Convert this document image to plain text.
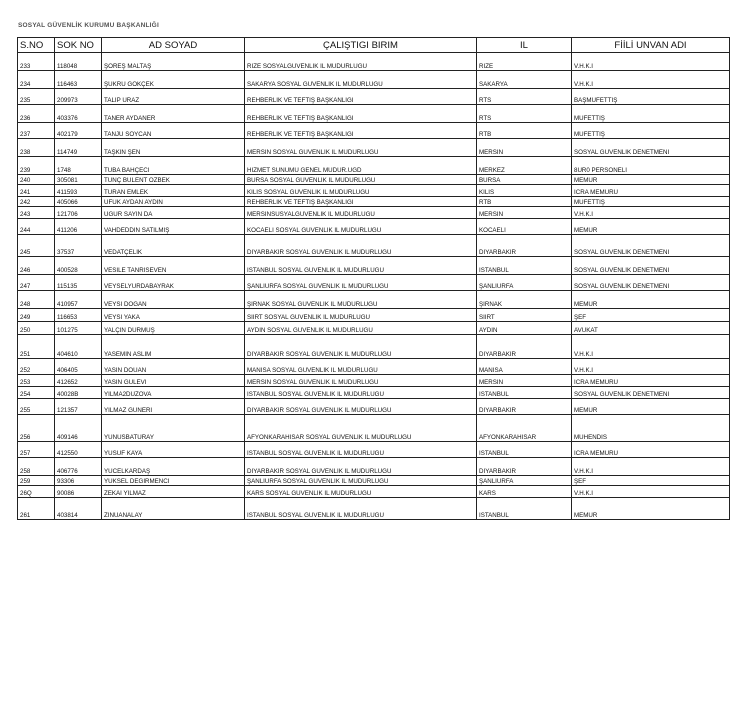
SOSYAL GÜVENLİK KURUMU BAŞKANLIĞI
S.NO	SOK NO	AD SOYAD	ÇALIŞTIGI BIRIM	IL	FİİLİ UNVAN ADI
233	118048	ŞOREŞ MALTAŞ	RIZE SOSYALGUVENLIK IL MUDURLUGU	RIZE	V.H.K.I
234	116463	ŞUKRU GOKÇEK	SAKARYA SOSYAL GUVENLIK IL MUDURLUGU	SAKARYA	V.H.K.I
235	209973	TALIP URAZ	REHBERLIK VE TEFTIŞ BAŞKANLIGI	RTS	BAŞMUFETTIŞ
236	403376	TANER AYDANER	REHBERLIK VE TEFTIŞ BAŞKANLIGI	RTS	MUFETTIŞ
237	402179	TANJU SOYCAN	REHBERLIK VE TEFTIŞ BAŞKANLIGI	RTB	MUFETTIŞ
238	114749	TAŞKIN ŞEN	MERSIN SOSYAL GUVENLIK IL MUDURLUGU	MERSIN	SOSYAL GUVENLIK DENETMENI
239	1748	TUBA BAHÇECI	HIZMET SUNUMU GENEL MUDUR.UGD	MERKEZ	8UR0 PERSONELI
240	305081	TUNÇ BULENT OZBEK	BURSA SOSYAL GUVENLIK IL MUDURLUGU	BURSA	MEMUR
241	411593	TURAN EMLEK	KILIS SOSYAL GUVENLIK IL MUDURLUGU	KILIS	ICRA MEMURU
242	405066	UFUK AYDAN AYDIN	REHBERLIK VE TEFTIŞ BAŞKANLIGI	RTB	MUFETTIŞ
243	121706	UGUR SAYIN DA	MERSINSUSYALGUVENLIK IL MUDURLUGU	MERSIN	V.H.K.I
244	411206	VAHDEDDIN SATILMIŞ	KOCAELI SOSYAL GUVENLIK IL MUDURLUGU	KOCAELI	MEMUR
245	37537	VEDATÇELIK	DIYARBAKIR SOSYAL GUVENLIK IL MUDURLUGU	DIYARBAKIR	SOSYAL GUVENLIK DENETMENI
246	400528	VESILE TANRISEVEN	ISTANBUL SOSYAL GUVENLIK IL MUDURLUGU	ISTANBUL	SOSYAL GUVENLIK DENETMENI
247	115135	VEYSELYURDABAYRAK	ŞANLIURFA SOSYAL GUVENLIK IL MUDURLUGU	ŞANLIURFA	SOSYAL GUVENLIK DENETMENI
248	410957	VEYSI DOGAN	ŞIRNAK SOSYAL GUVENLIK IL MUDURLUGU	ŞIRNAK	MEMUR
249	116653	VEYSI YAKA	SIIRT SOSYAL GUVENLIK IL MUDURLUGU	SIIRT	ŞEF
250	101275	YALÇIN DURMUŞ	AYDIN SOSYAL GUVENLIK IL MUDURLUGU	AYDIN	AVUKAT
251	404610	YASEMIN ASLIM	DIYARBAKIR SOSYAL GUVENLIK IL MUDURLUGU	DIYARBAKIR	V.H.K.I
252	406405	YASIN DOUAN	MANISA SOSYAL GUVENLIK IL MUDURLUGU	MANISA	V.H.K.I
253	412652	YASIN GULEVI	MERSIN SOSYAL GUVENLIK IL MUDURLUGU	MERSIN	ICRA MEMURU
254	40028B	YILMA2DUZOVA	ISTANBUL SOSYAL GUVENLIK IL MUDURLUGU	ISTANBUL	SOSYAL GUVENLIK DENETMENI
255	121357	YILMAZ GUNERI	DIYARBAKIR SOSYAL GUVENLIK IL MUDURLUGU	DIYARBAKIR	MEMUR
256	409146	YUNUSBATURAY	AFYONKARAHISAR SOSYAL GUVENLIK IL MUDURLUGU	AFYONKARAHISAR	MUHENDIS
257	412550	YUSUF KAYA	ISTANBUL SOSYAL GUVENLIK IL MUDURLUGU	ISTANBUL	ICRA MEMURU
258	406776	YUCELKARDAŞ	DIYARBAKIR SOSYAL GUVENLIK IL MUDURLUGU	DIYARBAKIR	V.H.K.I
259	93306	YUKSEL DEGIRMENCI	ŞANLIURFA SOSYAL GUVENLIK IL MUDURLUGU	ŞANLIURFA	ŞEF
26Q	90086	ZEKAI YILMAZ	KARS SOSYAL GUVENLIK IL MUDURLUGU	KARS	V.H.K.I
261	403814	ZINUANALAY	ISTANBUL SOSYAL GUVENLIK IL MUDURLUGU	ISTANBUL	MEMUR
